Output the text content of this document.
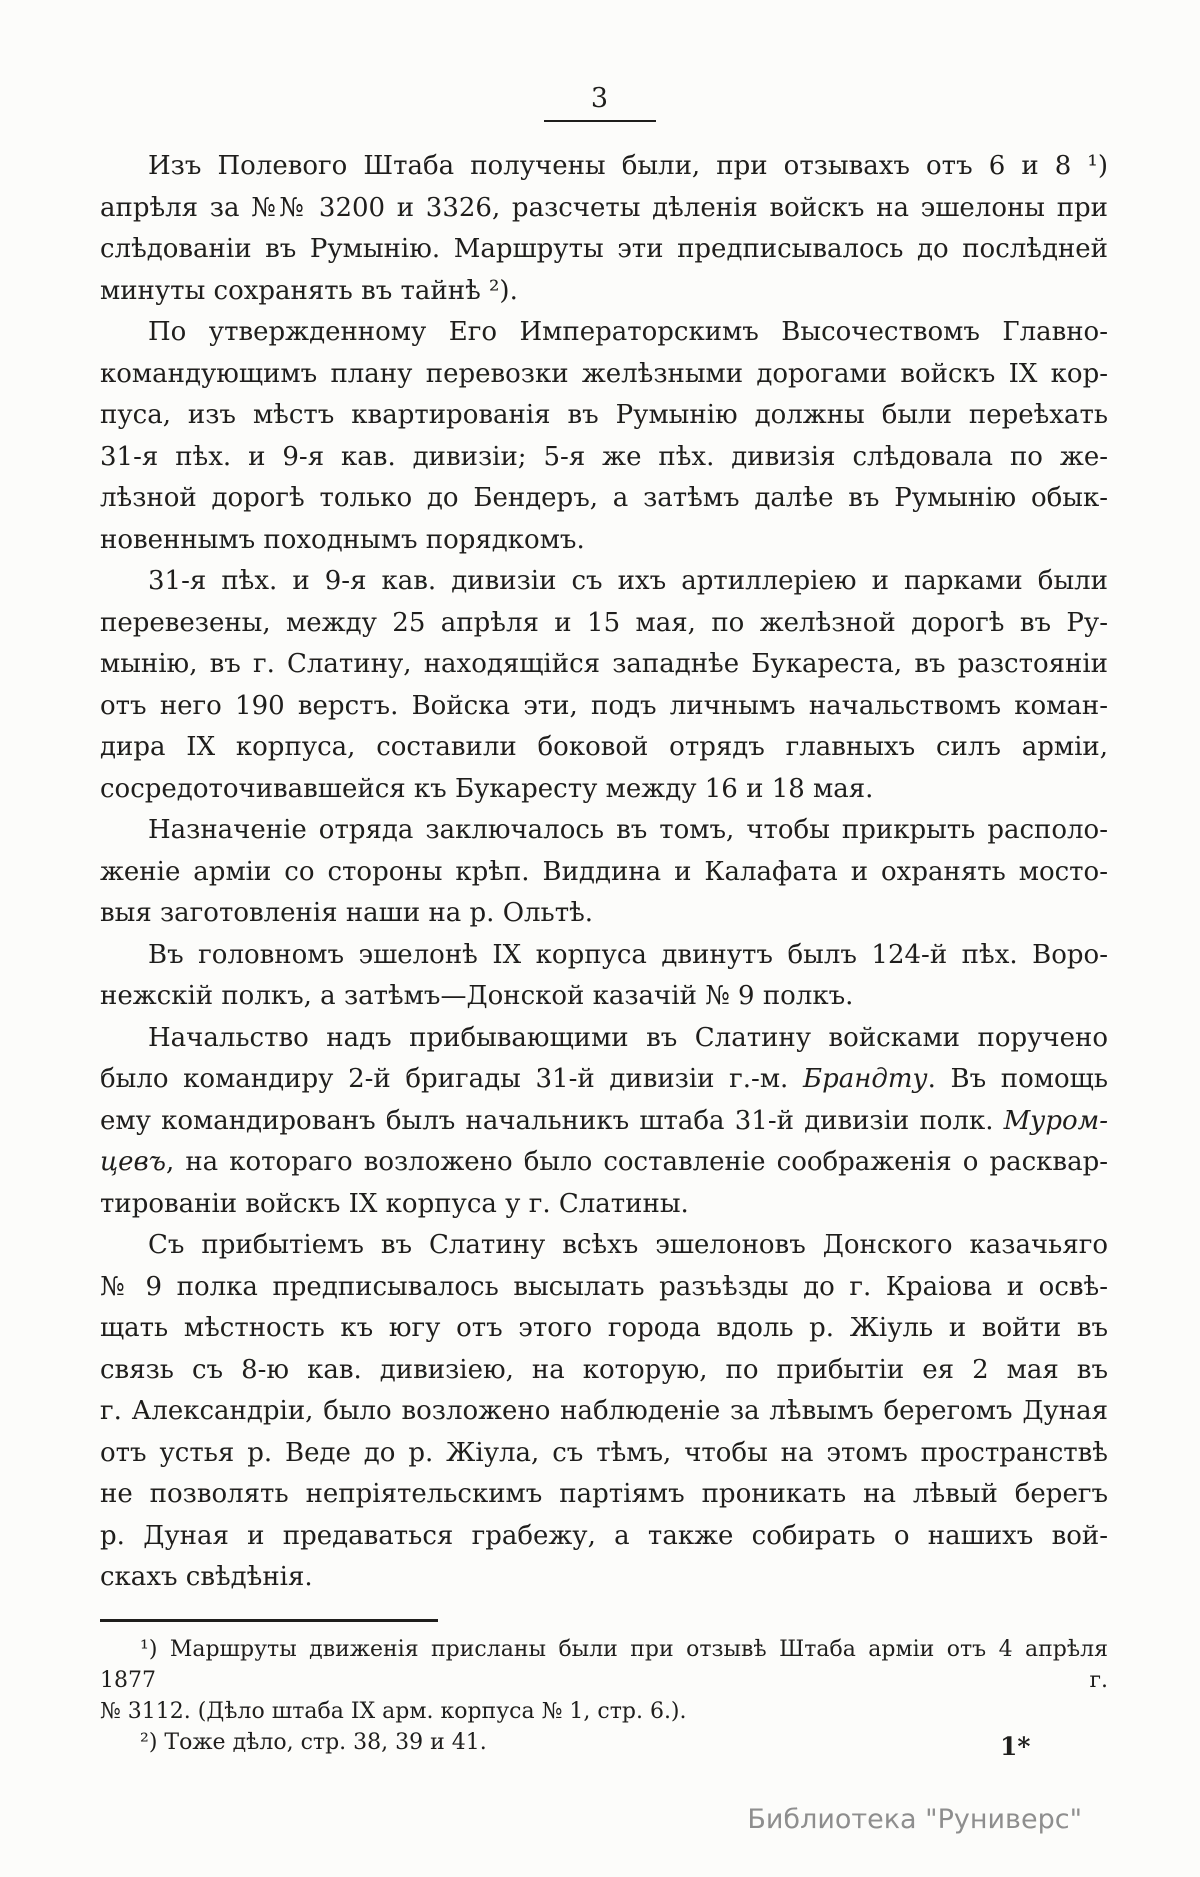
3
Изъ Полевого Штаба получены были, при отзывахъ отъ 6 и 8 ¹)
апрѣля за №№ 3200 и 3326, разсчеты дѣленія войскъ на эшелоны при
слѣдованіи въ Румынію. Маршруты эти предписывалось до послѣдней
минуты сохранять въ тайнѣ ²).
По утвержденному Его Императорскимъ Высочествомъ Главно-
командующимъ плану перевозки желѣзными дорогами войскъ IX кор-
пуса, изъ мѣстъ квартированія въ Румынію должны были переѣхать
31-я пѣх. и 9-я кав. дивизіи; 5-я же пѣх. дивизія слѣдовала по же-
лѣзной дорогѣ только до Бендеръ, а затѣмъ далѣе въ Румынію обык-
новеннымъ походнымъ порядкомъ.
31-я пѣх. и 9-я кав. дивизіи съ ихъ артиллеріею и парками были
перевезены, между 25 апрѣля и 15 мая, по желѣзной дорогѣ въ Ру-
мынію, въ г. Слатину, находящійся западнѣе Букареста, въ разстояніи
отъ него 190 верстъ. Войска эти, подъ личнымъ начальствомъ коман-
дира IX корпуса, составили боковой отрядъ главныхъ силъ арміи,
сосредоточивавшейся къ Букаресту между 16 и 18 мая.
Назначеніе отряда заключалось въ томъ, чтобы прикрыть располо-
женіе арміи со стороны крѣп. Виддина и Калафата и охранять мосто-
выя заготовленія наши на р. Ольтѣ.
Въ головномъ эшелонѣ IX корпуса двинутъ былъ 124-й пѣх. Воро-
нежскій полкъ, а затѣмъ—Донской казачій № 9 полкъ.
Начальство надъ прибывающими въ Слатину войсками поручено
было командиру 2-й бригады 31-й дивизіи г.-м. Брандту. Въ помощь
ему командированъ былъ начальникъ штаба 31-й дивизіи полк. Муром-
цевъ, на котораго возложено было составленіе соображенія о расквар-
тированіи войскъ IX корпуса у г. Слатины.
Съ прибытіемъ въ Слатину всѣхъ эшелоновъ Донского казачьяго
№ 9 полка предписывалось высылать разъѣзды до г. Краіова и освѣ-
щать мѣстность къ югу отъ этого города вдоль р. Жіуль и войти въ
связь съ 8-ю кав. дивизіею, на которую, по прибытіи ея 2 мая въ
г. Александріи, было возложено наблюденіе за лѣвымъ берегомъ Дуная
отъ устья р. Веде до р. Жіула, съ тѣмъ, чтобы на этомъ пространствѣ
не позволять непріятельскимъ партіямъ проникать на лѣвый берегъ
р. Дуная и предаваться грабежу, а также собирать о нашихъ вой-
скахъ свѣдѣнія.
¹) Маршруты движенія присланы были при отзывѣ Штаба арміи отъ 4 апрѣля 1877 г.
№ 3112. (Дѣло штаба IX арм. корпуса № 1, стр. 6.).
²) Тоже дѣло, стр. 38, 39 и 41.	1*
Библиотека "Руниверс"
